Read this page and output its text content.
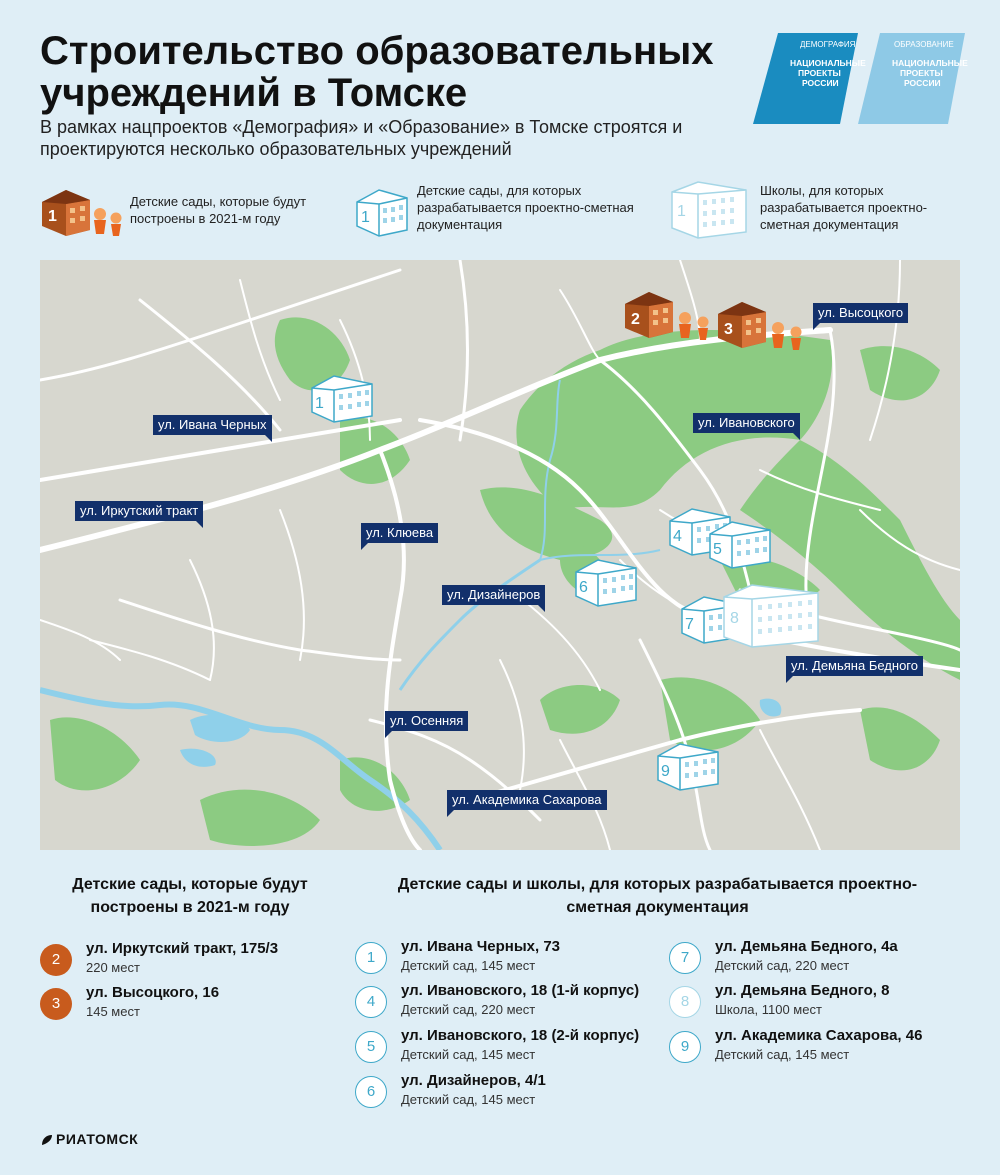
Строительство образовательных учреждений в Томске
В рамках нацпроектов «Демография» и «Образование» в Томске строятся и проектируются несколько образовательных учреждений
ДЕМОГРАФИЯ
НАЦИОНАЛЬНЫЕ
ПРОЕКТЫ
РОССИИ
ОБРАЗОВАНИЕ
НАЦИОНАЛЬНЫЕ
ПРОЕКТЫ
РОССИИ
1
Детские сады, которые будут построены в 2021-м году	1
Детские сады, для которых разрабатывается проектно-сметная документация
1
Школы, для которых разрабатывается проектно-сметная документация
2
3
1
4
5
6
7
9
8
ул. Высоцкого
ул. Ивана Черных	ул. Ивановского
ул. Иркутский тракт
ул. Клюева
ул. Дизайнеров
ул. Демьяна Бедного
ул. Осенняя
ул. Академика Сахарова
Детские сады, которые будут построены в 2021-м году
2
ул. Иркутский тракт, 175/3
220 мест
3
ул. Высоцкого, 16
145 мест
Детские сады и школы, для которых разрабатывается проектно-сметная документация
1
ул. Ивана Черных, 73
Детский сад, 145 мест
4
ул. Ивановского, 18 (1-й корпус)
Детский сад, 220 мест
5
ул. Ивановского, 18 (2-й корпус)
Детский сад, 145 мест
6
ул. Дизайнеров, 4/1
Детский сад, 145 мест
7
ул. Демьяна Бедного, 4а
Детский сад, 220 мест
8
ул. Демьяна Бедного, 8
Школа, 1100 мест
9
ул. Академика Сахарова, 46
Детский сад, 145 мест
РИАТОМСК
